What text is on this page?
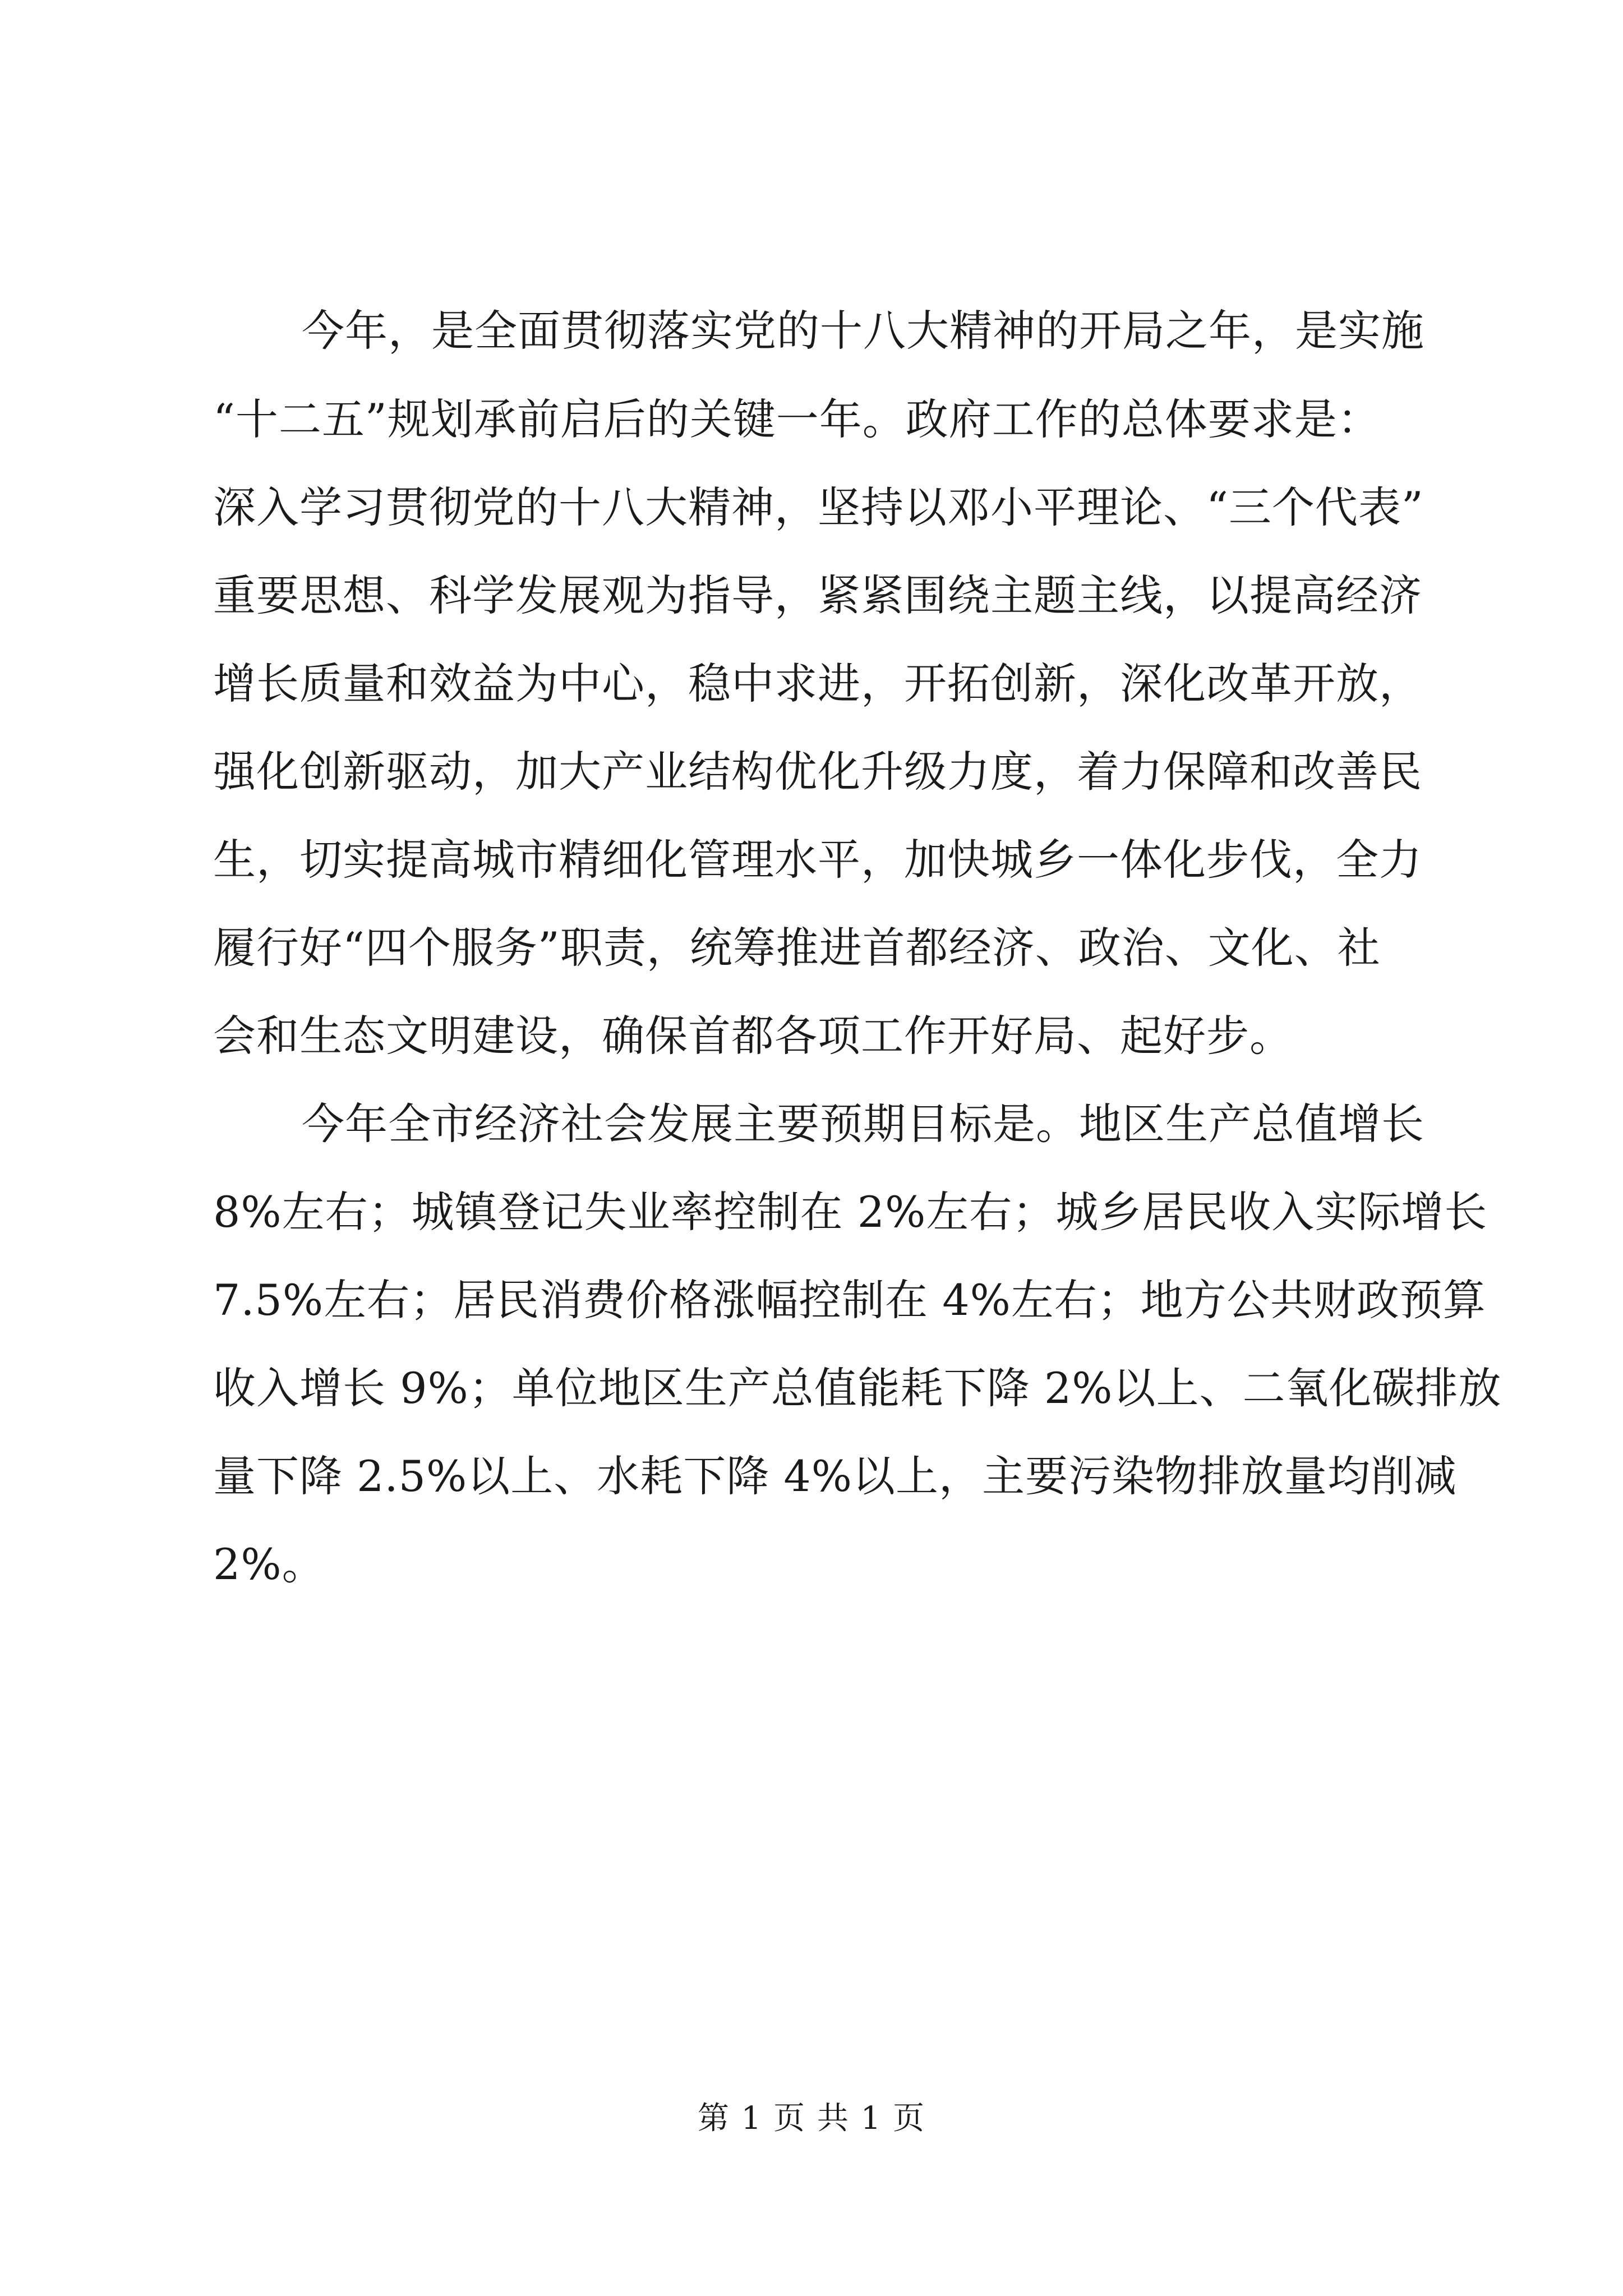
今年，是全面贯彻落实党的十八大精神的开局之年，是实施
“十二五”规划承前启后的关键一年。政府工作的总体要求是：
深入学习贯彻党的十八大精神，坚持以邓小平理论、“三个代表”
重要思想、科学发展观为指导，紧紧围绕主题主线，以提高经济
增长质量和效益为中心，稳中求进，开拓创新，深化改革开放，
强化创新驱动，加大产业结构优化升级力度，着力保障和改善民
生，切实提高城市精细化管理水平，加快城乡一体化步伐，全力
履行好“四个服务”职责，统筹推进首都经济、政治、文化、社
会和生态文明建设，确保首都各项工作开好局、起好步。
今年全市经济社会发展主要预期目标是。地区生产总值增长
8%左右；城镇登记失业率控制在 2%左右；城乡居民收入实际增长
7.5%左右；居民消费价格涨幅控制在 4%左右；地方公共财政预算
收入增长 9%；单位地区生产总值能耗下降 2%以上、二氧化碳排放
量下降 2.5%以上、水耗下降 4%以上，主要污染物排放量均削减
2%。
第 1 页 共 1 页
